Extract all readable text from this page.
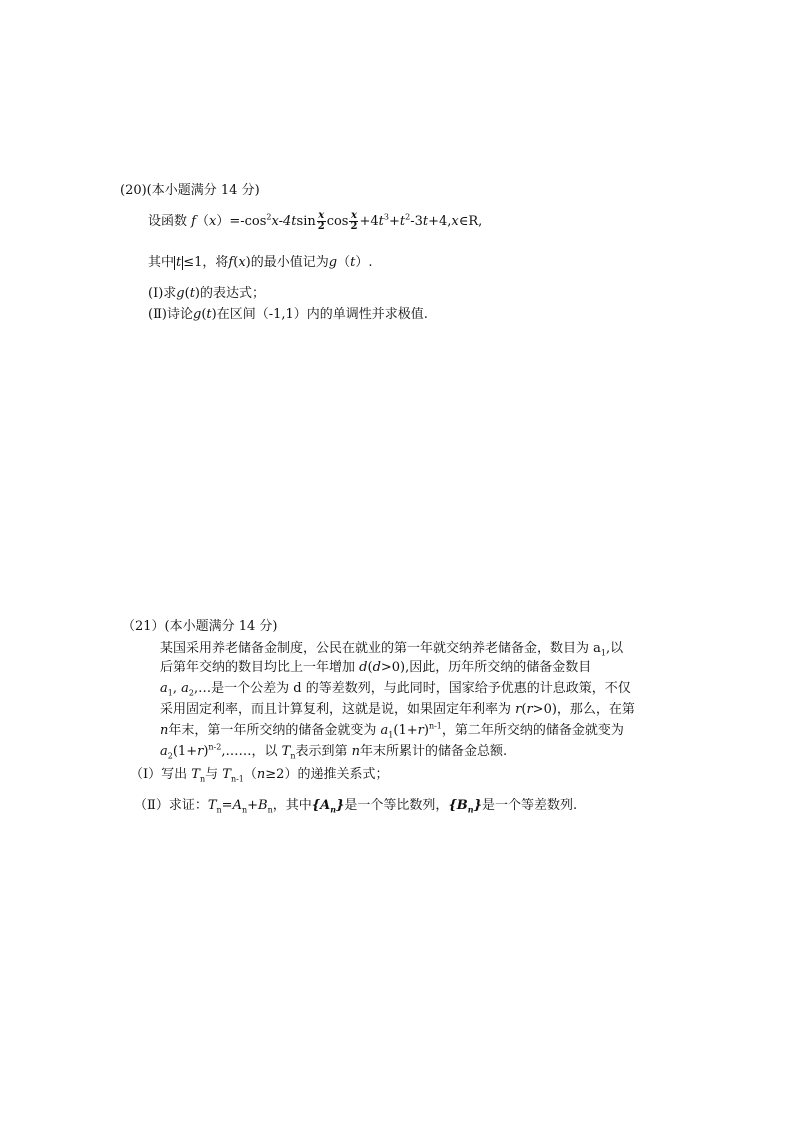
(20)(本小题满分 14 分)
设函数 $f(x)=-\cos^2x-4tsin \frac{x}{2}$ $\cos \frac{x}{2}$ $+4t^3+t^2-3t+4,x\in R$,
其中 t ≤1，将f(x)的最小值记为g（t）.
(Ⅰ)求g(t)的表达式；
(Ⅱ)诗论g(t)在区间（-1,1）内的单调性并求极值.
（21）(本小题满分 14 分)
某国采用养老储备金制度，公民在就业的第一年就交纳养老储备金，数目为 $a_1$,以
后第年交纳的数目均比上一年增加 d(d>0),因此，历年所交纳的储备金数目
$a_1$, $a_2,\dots$是一个公差为 d 的等差数列，与此同时，国家给予优惠的计息政策，不仅
采用固定利率，而且计算复利，这就是说，如果固定年利率为 r(r>0)，那么，在第
n年末，第一年所交纳的储备金就变为 $a_1(1+r)^{n-1}$，第二年所交纳的储备金就变为
$a_2(1+r)^{n-2},\dots\dots$，以 $T_n$表示到第 n年末所累计的储备金总额.
（Ⅰ）写出 $T_n$与 $T_{n-1}(n\ge 2)$的递推关系式；
（Ⅱ）求证：$T_n=A_n+B_n$，其中$\{A_n\}$是一个等比数列，$\{B_n\}$是一个等差数列.
